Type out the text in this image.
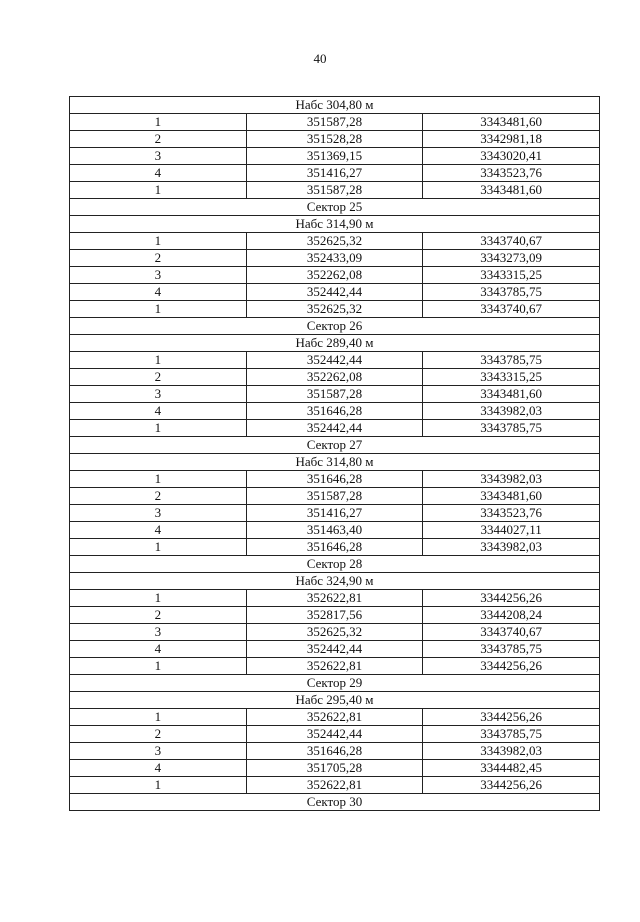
40
Набс 304,80 м		
1	351587,28	3343481,60
2	351528,28	3342981,18
3	351369,15	3343020,41
4	351416,27	3343523,76
1	351587,28	3343481,60
Сектор 25		
Набс 314,90 м		
1	352625,32	3343740,67
2	352433,09	3343273,09
3	352262,08	3343315,25
4	352442,44	3343785,75
1	352625,32	3343740,67
Сектор 26		
Набс 289,40 м		
1	352442,44	3343785,75
2	352262,08	3343315,25
3	351587,28	3343481,60
4	351646,28	3343982,03
1	352442,44	3343785,75
Сектор 27		
Набс 314,80 м		
1	351646,28	3343982,03
2	351587,28	3343481,60
3	351416,27	3343523,76
4	351463,40	3344027,11
1	351646,28	3343982,03
Сектор 28		
Набс 324,90 м		
1	352622,81	3344256,26
2	352817,56	3344208,24
3	352625,32	3343740,67
4	352442,44	3343785,75
1	352622,81	3344256,26
Сектор 29		
Набс 295,40 м		
1	352622,81	3344256,26
2	352442,44	3343785,75
3	351646,28	3343982,03
4	351705,28	3344482,45
1	352622,81	3344256,26
Сектор 30		
